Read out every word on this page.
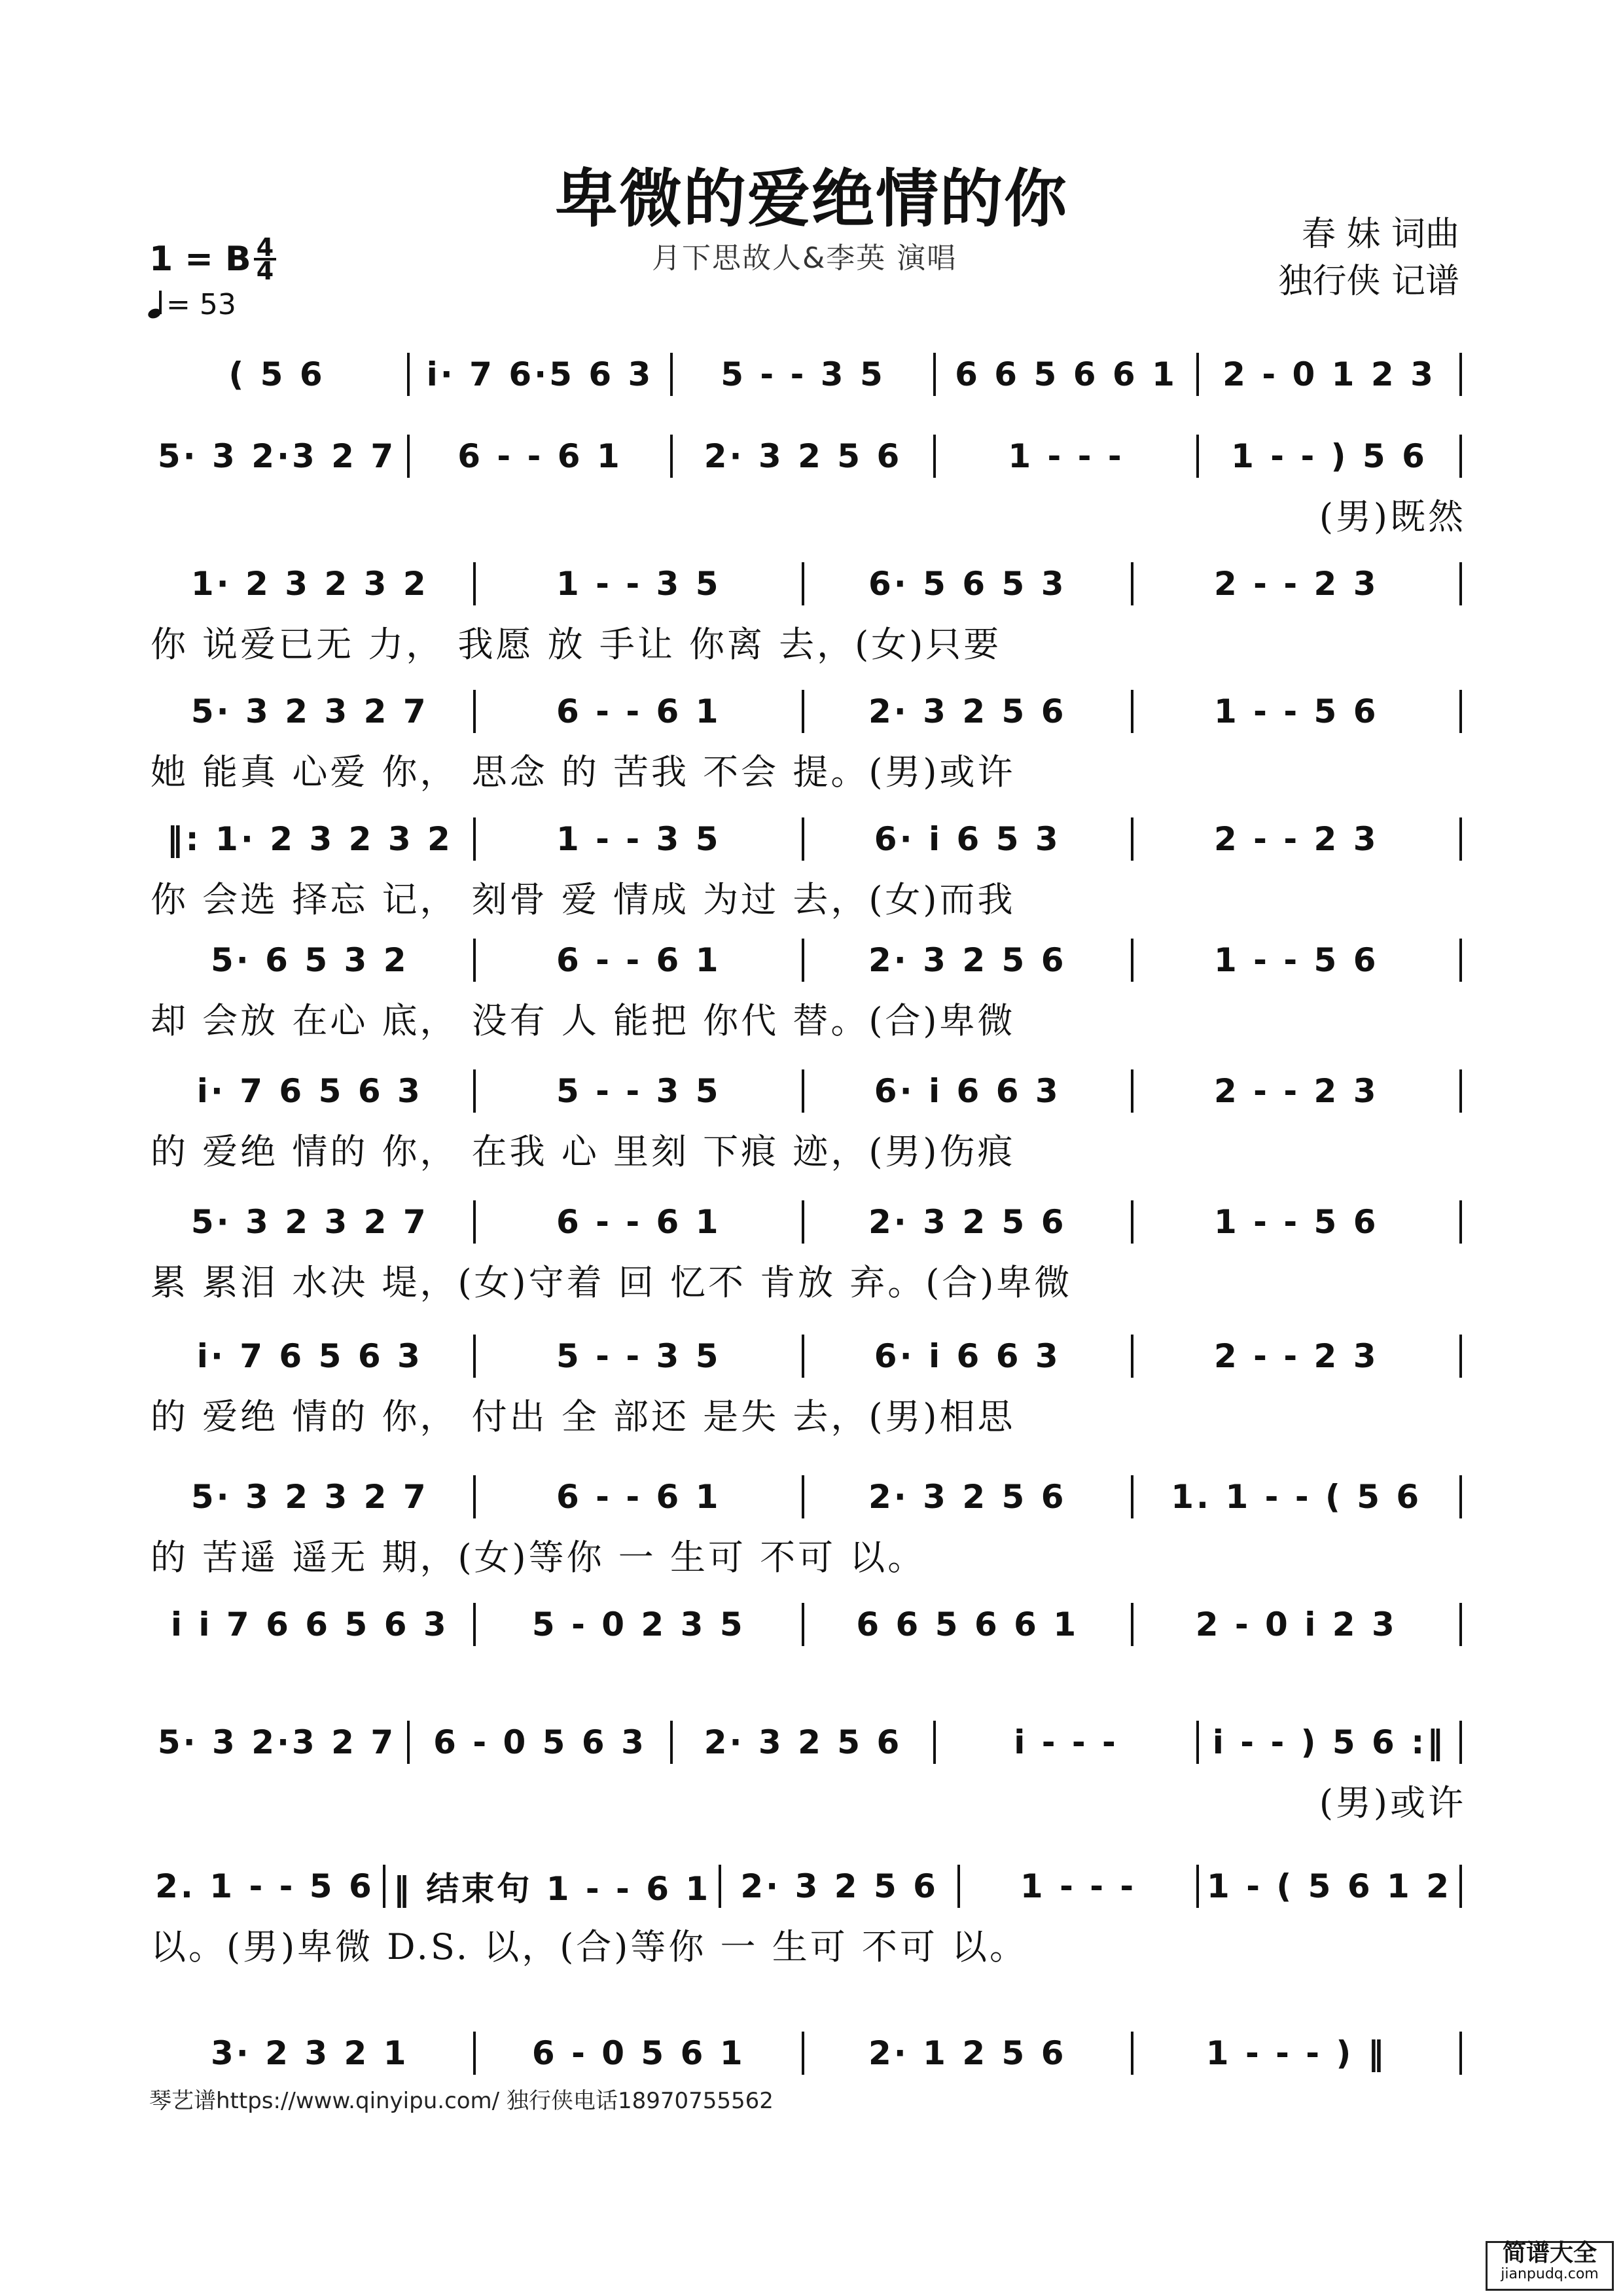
卑微的爱绝情的你
月下思故人&李英 演唱
春 妹 词曲
独行侠 记谱
1 = B 4
4
= 53
( 5 6	i· 7 6·5 6 3	5 - - 3 5	6 6 5 6 6 1	2 - 0 1 2 3
5· 3 2·3 2 7	6 - - 6 1	2· 3 2 5 6	1 - - -	1 - - ) 5 6
(男)既然
1· 2 3 2 3 2	1 - - 3 5	6· 5 6 5 3	2 - - 2 3
你 说爱已无 力， 我愿 放 手让 你离 去，(女)只要
5· 3 2 3 2 7	6 - - 6 1	2· 3 2 5 6	1 - - 5 6
她 能真 心爱 你， 思念 的 苦我 不会 提。(男)或许
‖: 1· 2 3 2 3 2	1 - - 3 5	6· i 6 5 3	2 - - 2 3
你 会选 择忘 记， 刻骨 爱 情成 为过 去，(女)而我
5· 6 5 3 2	6 - - 6 1	2· 3 2 5 6	1 - - 5 6
却 会放 在心 底， 没有 人 能把 你代 替。(合)卑微
i· 7 6 5 6 3	5 - - 3 5	6· i 6 6 3	2 - - 2 3
的 爱绝 情的 你， 在我 心 里刻 下痕 迹，(男)伤痕
5· 3 2 3 2 7	6 - - 6 1	2· 3 2 5 6	1 - - 5 6
累 累泪 水决 堤，(女)守着 回 忆不 肯放 弃。(合)卑微
i· 7 6 5 6 3	5 - - 3 5	6· i 6 6 3	2 - - 2 3
的 爱绝 情的 你， 付出 全 部还 是失 去，(男)相思
5· 3 2 3 2 7	6 - - 6 1	2· 3 2 5 6	1. 1 - - ( 5 6
的 苦遥 遥无 期，(女)等你 一 生可 不可 以。
i i 7 6 6 5 6 3	5 - 0 2 3 5	6 6 5 6 6 1	2 - 0 i 2 3
5· 3 2·3 2 7	6 - 0 5 6 3	2· 3 2 5 6	i - - -	i - - ) 5 6 :‖
(男)或许
2. 1 - - 5 6 ‖ 结束句 1 - - 6 1 2· 3 2 5 6	1 - - -	1 - ( 5 6 1 2
以。(男)卑微 D.S. 以，(合)等你 一 生可 不可 以。
3· 2 3 2 1	6 - 0 5 6 1	2· 1 2 5 6	1 - - - ) ‖
琴艺谱https://www.qinyipu.com/ 独行侠电话18970755562
简谱大全
jianpudq.com
